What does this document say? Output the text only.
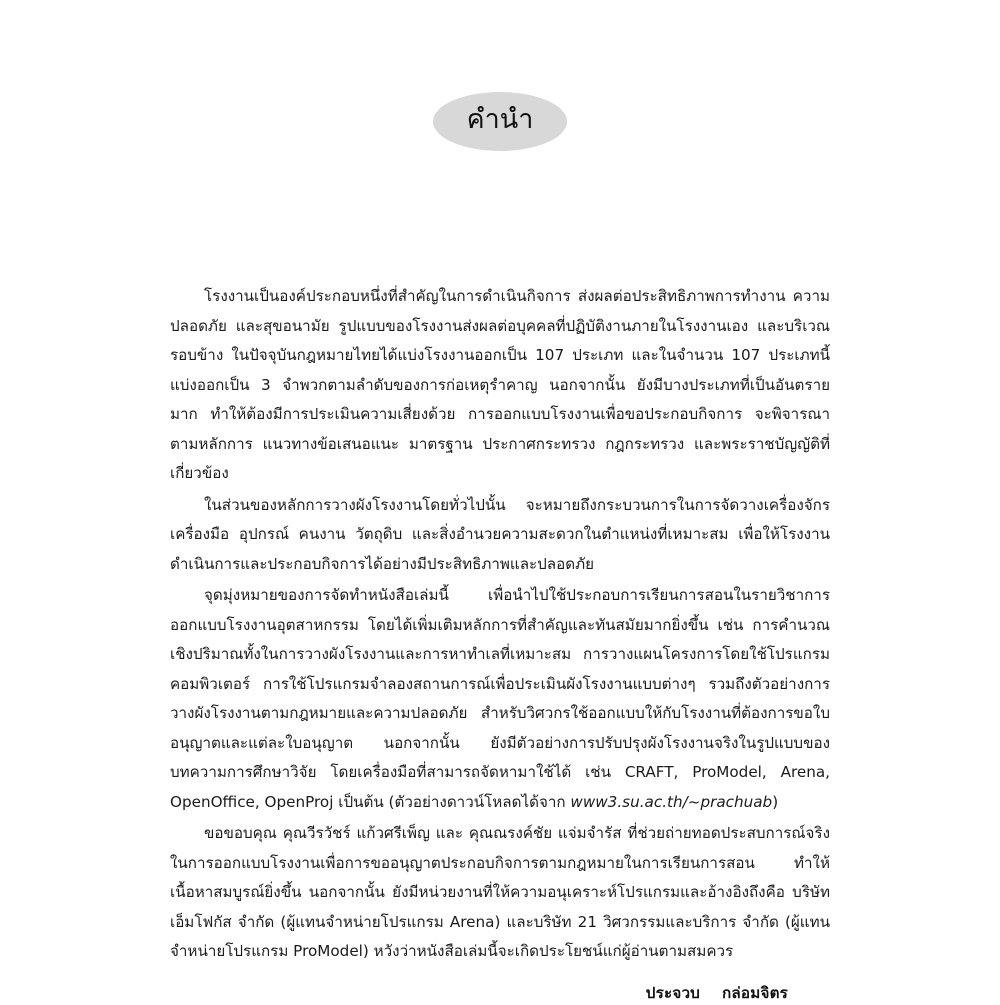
คำนำ

โรงงานเป็นองค์ประกอบหนึ่งที่สำคัญในการดำเนินกิจการ ส่งผลต่อประสิทธิภาพการทำงาน ความปลอดภัย และสุขอนามัย รูปแบบของโรงงานส่งผลต่อบุคคลที่ปฏิบัติงานภายในโรงงานเอง และบริเวณรอบข้าง ในปัจจุบันกฎหมายไทยได้แบ่งโรงงานออกเป็น 107 ประเภท และในจำนวน 107 ประเภทนี้ แบ่งออกเป็น 3 จำพวกตามลำดับของการก่อเหตุรำคาญ นอกจากนั้น ยังมีบางประเภทที่เป็นอันตรายมาก ทำให้ต้องมีการประเมินความเสี่ยงด้วย การออกแบบโรงงานเพื่อขอประกอบกิจการ จะพิจารณาตามหลักการ แนวทางข้อเสนอแนะ มาตรฐาน ประกาศกระทรวง กฎกระทรวง และพระราชบัญญัติที่เกี่ยวข้อง

ในส่วนของหลักการวางผังโรงงานโดยทั่วไปนั้น จะหมายถึงกระบวนการในการจัดวางเครื่องจักร เครื่องมือ อุปกรณ์ คนงาน วัตถุดิบ และสิ่งอำนวยความสะดวกในตำแหน่งที่เหมาะสม เพื่อให้โรงงานดำเนินการและประกอบกิจการได้อย่างมีประสิทธิภาพและปลอดภัย

จุดมุ่งหมายของการจัดทำหนังสือเล่มนี้ เพื่อนำไปใช้ประกอบการเรียนการสอนในรายวิชาการออกแบบโรงงานอุตสาหกรรม โดยได้เพิ่มเติมหลักการที่สำคัญและทันสมัยมากยิ่งขึ้น เช่น การคำนวณเชิงปริมาณทั้งในการวางผังโรงงานและการหาทำเลที่เหมาะสม การวางแผนโครงการโดยใช้โปรแกรมคอมพิวเตอร์ การใช้โปรแกรมจำลองสถานการณ์เพื่อประเมินผังโรงงานแบบต่างๆ รวมถึงตัวอย่างการวางผังโรงงานตามกฎหมายและความปลอดภัย สำหรับวิศวกรใช้ออกแบบให้กับโรงงานที่ต้องการขอใบอนุญาตและแต่ละใบอนุญาต นอกจากนั้น ยังมีตัวอย่างการปรับปรุงผังโรงงานจริงในรูปแบบของบทความการศึกษาวิจัย โดยเครื่องมือที่สามารถจัดหามาใช้ได้ เช่น CRAFT, ProModel, Arena, OpenOffice, OpenProj เป็นต้น (ตัวอย่างดาวน์โหลดได้จาก www3.su.ac.th/~prachuab)

ขอขอบคุณ คุณวีรวัชร์ แก้วศรีเพ็ญ และ คุณณรงค์ชัย แจ่มจำรัส ที่ช่วยถ่ายทอดประสบการณ์จริง ในการออกแบบโรงงานเพื่อการขออนุญาตประกอบกิจการตามกฎหมายในการเรียนการสอน ทำให้เนื้อหาสมบูรณ์ยิ่งขึ้น นอกจากนั้น ยังมีหน่วยงานที่ให้ความอนุเคราะห์โปรแกรมและอ้างอิงถึงคือ บริษัท เอ็มโฟกัส จำกัด (ผู้แทนจำหน่ายโปรแกรม Arena) และบริษัท 21 วิศวกรรมและบริการ จำกัด (ผู้แทนจำหน่ายโปรแกรม ProModel) หวังว่าหนังสือเล่มนี้จะเกิดประโยชน์แก่ผู้อ่านตามสมควร

ประจวบ กล่อมจิตร
